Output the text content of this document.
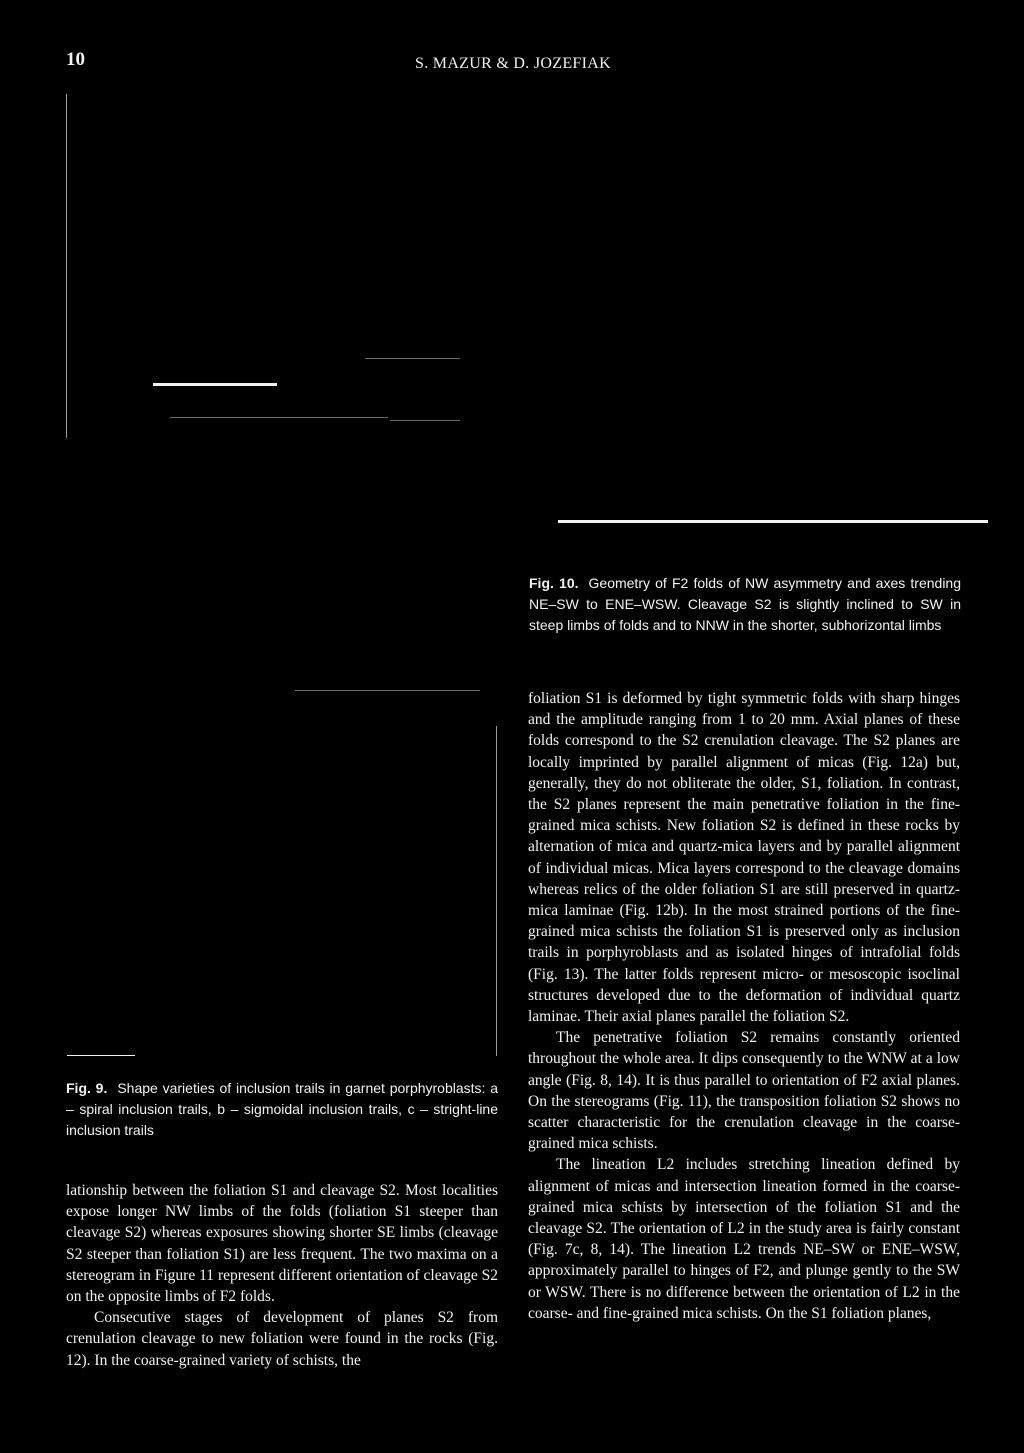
10	S. MAZUR & D. JOZEFIAK
Fig. 10. Geometry of F2 folds of NW asymmetry and axes trending NE–SW to ENE–WSW. Cleavage S2 is slightly inclined to SW in steep limbs of folds and to NNW in the shorter, subhorizontal limbs
Fig. 9. Shape varieties of inclusion trails in garnet porphyroblasts: a – spiral inclusion trails, b – sigmoidal inclusion trails, c – stright-line inclusion trails

lationship between the foliation S1 and cleavage S2. Most localities expose longer NW limbs of the folds (foliation S1 steeper than cleavage S2) whereas exposures showing shorter SE limbs (cleavage S2 steeper than foliation S1) are less frequent. The two maxima on a stereogram in Figure 11 represent different orientation of cleavage S2 on the opposite limbs of F2 folds.

Consecutive stages of development of planes S2 from crenulation cleavage to new foliation were found in the rocks (Fig. 12). In the coarse-grained variety of schists, the

foliation S1 is deformed by tight symmetric folds with sharp hinges and the amplitude ranging from 1 to 20 mm. Axial planes of these folds correspond to the S2 crenulation cleavage. The S2 planes are locally imprinted by parallel alignment of micas (Fig. 12a) but, generally, they do not obliterate the older, S1, foliation. In contrast, the S2 planes represent the main penetrative foliation in the fine-grained mica schists. New foliation S2 is defined in these rocks by alternation of mica and quartz-mica layers and by parallel alignment of individual micas. Mica layers correspond to the cleavage domains whereas relics of the older foliation S1 are still preserved in quartz-mica laminae (Fig. 12b). In the most strained portions of the fine-grained mica schists the foliation S1 is preserved only as inclusion trails in porphyroblasts and as isolated hinges of intrafolial folds (Fig. 13). The latter folds represent micro- or mesoscopic isoclinal structures developed due to the deformation of individual quartz laminae. Their axial planes parallel the foliation S2.

The penetrative foliation S2 remains constantly oriented throughout the whole area. It dips consequently to the WNW at a low angle (Fig. 8, 14). It is thus parallel to orientation of F2 axial planes. On the stereograms (Fig. 11), the transposition foliation S2 shows no scatter characteristic for the crenulation cleavage in the coarse-grained mica schists.

The lineation L2 includes stretching lineation defined by alignment of micas and intersection lineation formed in the coarse-grained mica schists by intersection of the foliation S1 and the cleavage S2. The orientation of L2 in the study area is fairly constant (Fig. 7c, 8, 14). The lineation L2 trends NE–SW or ENE–WSW, approximately parallel to hinges of F2, and plunge gently to the SW or WSW. There is no difference between the orientation of L2 in the coarse- and fine-grained mica schists. On the S1 foliation planes,
